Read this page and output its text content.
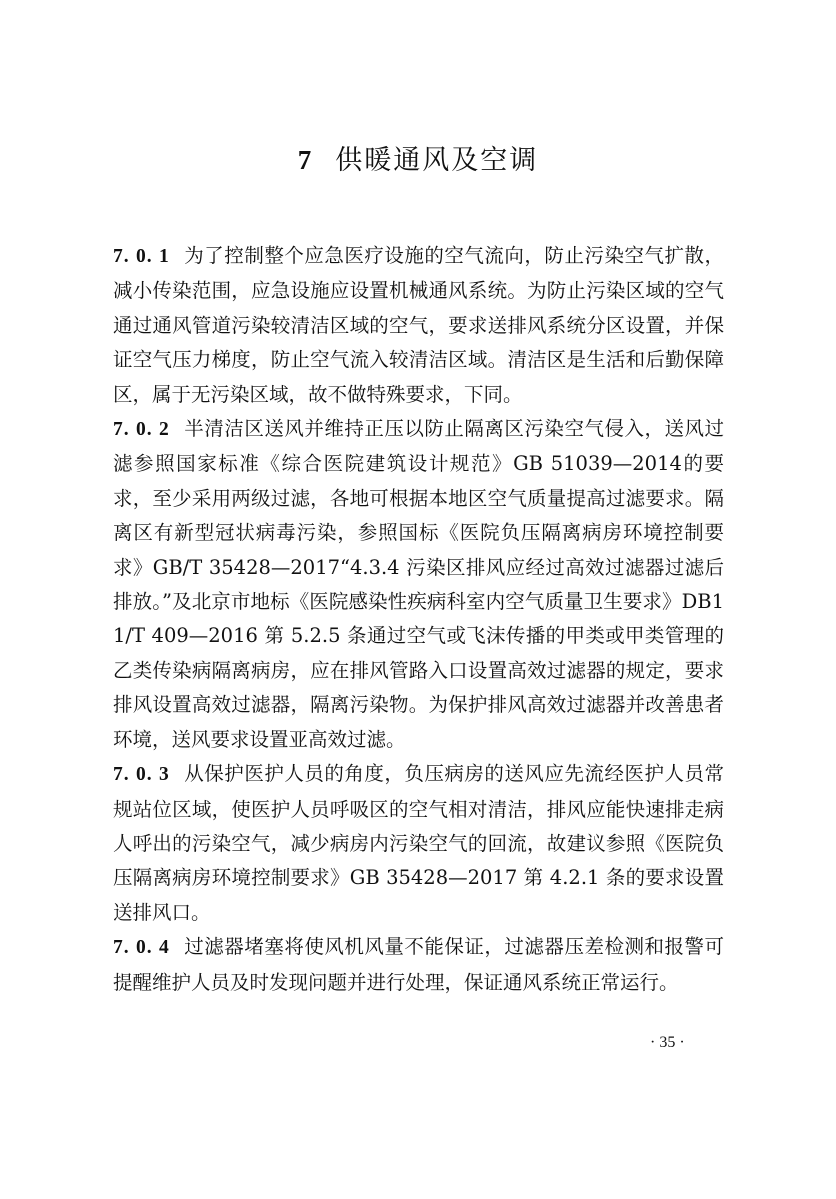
7 供暖通风及空调

7. 0. 1 为了控制整个应急医疗设施的空气流向，防止污染空气扩散，减小传染范围，应急设施应设置机械通风系统。为防止污染区域的空气通过通风管道污染较清洁区域的空气，要求送排风系统分区设置，并保证空气压力梯度，防止空气流入较清洁区域。清洁区是生活和后勤保障区，属于无污染区域，故不做特殊要求，下同。

7. 0. 2 半清洁区送风并维持正压以防止隔离区污染空气侵入，送风过滤参照国家标准《综合医院建筑设计规范》GB 51039—2014的要求，至少采用两级过滤，各地可根据本地区空气质量提高过滤要求。隔离区有新型冠状病毒污染，参照国标《医院负压隔离病房环境控制要求》GB/T 35428—2017“4.3.4 污染区排风应经过高效过滤器过滤后排放。”及北京市地标《医院感染性疾病科室内空气质量卫生要求》DB11/T 409—2016 第 5.2.5 条通过空气或飞沫传播的甲类或甲类管理的乙类传染病隔离病房，应在排风管路入口设置高效过滤器的规定，要求排风设置高效过滤器，隔离污染物。为保护排风高效过滤器并改善患者环境，送风要求设置亚高效过滤。

7. 0. 3 从保护医护人员的角度，负压病房的送风应先流经医护人员常规站位区域，使医护人员呼吸区的空气相对清洁，排风应能快速排走病人呼出的污染空气，减少病房内污染空气的回流，故建议参照《医院负压隔离病房环境控制要求》GB 35428—2017 第 4.2.1 条的要求设置送排风口。

7. 0. 4 过滤器堵塞将使风机风量不能保证，过滤器压差检测和报警可提醒维护人员及时发现问题并进行处理，保证通风系统正常运行。

· 35 ·
